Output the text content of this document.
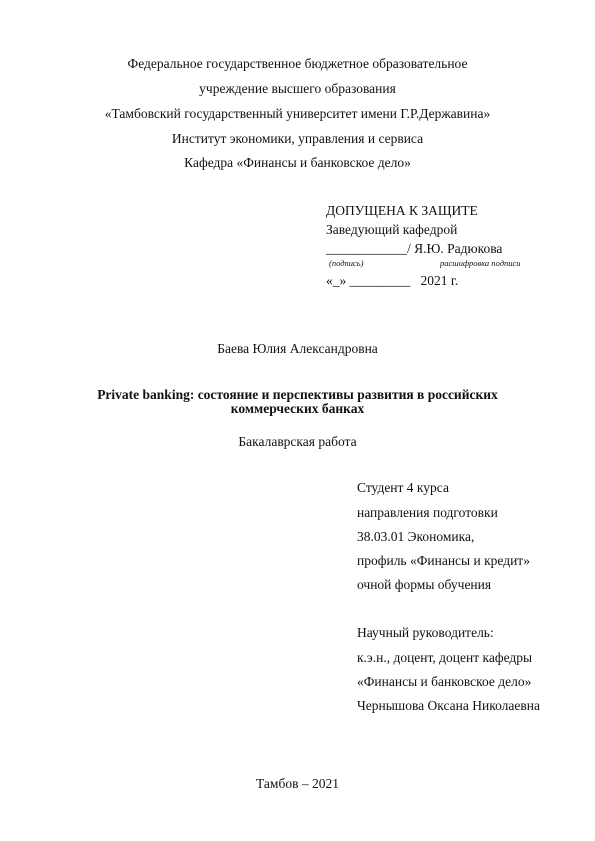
Федеральное государственное бюджетное образовательное
учреждение высшего образования
«Тамбовский государственный университет имени Г.Р.Державина»
Институт экономики, управления и сервиса
Кафедра «Финансы и банковское дело»
ДОПУЩЕНА К ЗАЩИТЕ
Заведующий кафедрой
____________/ Я.Ю. Радюкова
(подпись)	расшифровка подписи
«_» _________   2021 г.
Баева Юлия Александровна
Private banking: состояние и перспективы развития в российских
коммерческих банках
Бакалаврская работа
Студент 4 курса
направления подготовки
38.03.01 Экономика,
профиль «Финансы и кредит»
очной формы обучения
Научный руководитель:
к.э.н., доцент, доцент кафедры
«Финансы и банковское дело»
Чернышова Оксана Николаевна
Тамбов – 2021
